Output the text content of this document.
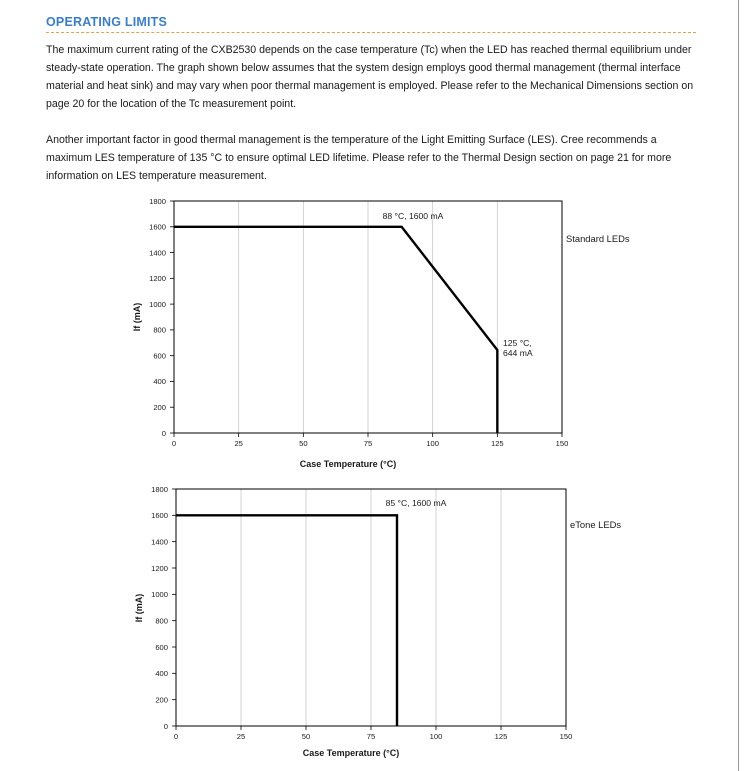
OPERATING LIMITS

The maximum current rating of the CXB2530 depends on the case temperature (Tc) when the LED has reached thermal equilibrium under steady-state operation. The graph shown below assumes that the system design employs good thermal management (thermal interface material and heat sink) and may vary when poor thermal management is employed. Please refer to the Mechanical Dimensions section on page 20 for the location of the Tc measurement point.

Another important factor in good thermal management is the temperature of the Light Emitting Surface (LES). Cree recommends a maximum LES temperature of 135 °C to ensure optimal LED lifetime. Please refer to the Thermal Design section on page 21 for more information on LES temperature measurement.

0
200
400
600
800
1000
1200
1400
1600
1800
0	25	50	75	100	125	150
Case Temperature (°C)
If (mA)
Standard LEDs
88 °C, 1600 mA
125 °C, 644 mA
0
200
400
600
800
1000
1200
1400
1600
1800
0	25	50	75	100	125	150
Case Temperature (°C)
If (mA)
eTone LEDs
85 °C, 1600 mA
